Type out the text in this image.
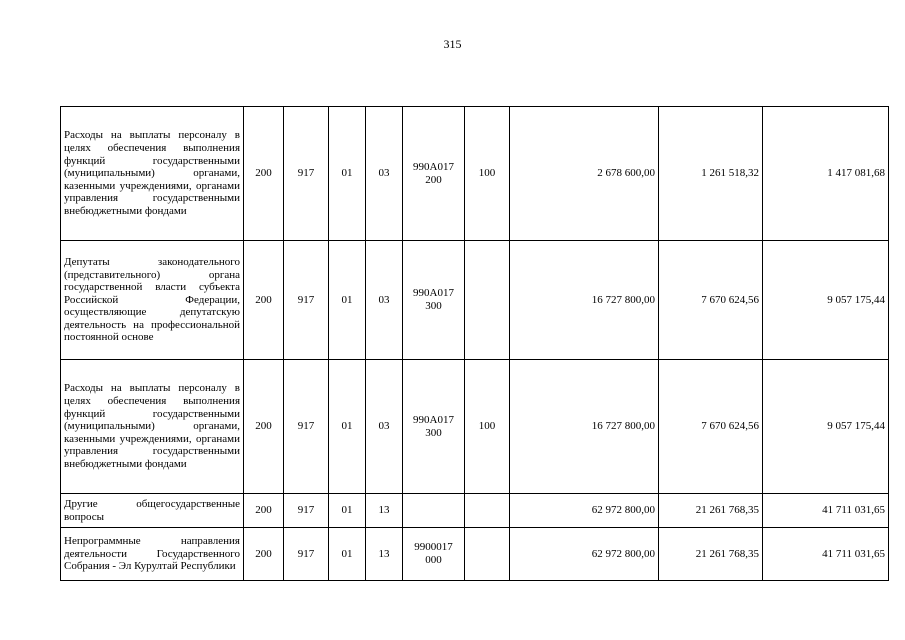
315
Расходы на выплаты персоналу в целях обеспечения выполнения функций государственными (муниципальными) органами, казенными учреждениями, органами управления государственными внебюджетными фондами	200	917	01	03	990А017 200	100	2 678 600,00	1 261 518,32	1 417 081,68
Депутаты законодательного (представительного) органа государственной власти субъекта Российской Федерации, осуществляющие депутатскую деятельность на профессиональной постоянной основе	200	917	01	03	990А017 300		16 727 800,00	7 670 624,56	9 057 175,44
Расходы на выплаты персоналу в целях обеспечения выполнения функций государственными (муниципальными) органами, казенными учреждениями, органами управления государственными внебюджетными фондами	200	917	01	03	990А017 300	100	16 727 800,00	7 670 624,56	9 057 175,44
Другие общегосударственные вопросы	200	917	01	13			62 972 800,00	21 261 768,35	41 711 031,65

Непрограммные направления деятельности Государственного Собрания - Эл Курултай Республики	200	917	01	13	9900017 000		62 972 800,00	21 261 768,35	41 711 031,65
